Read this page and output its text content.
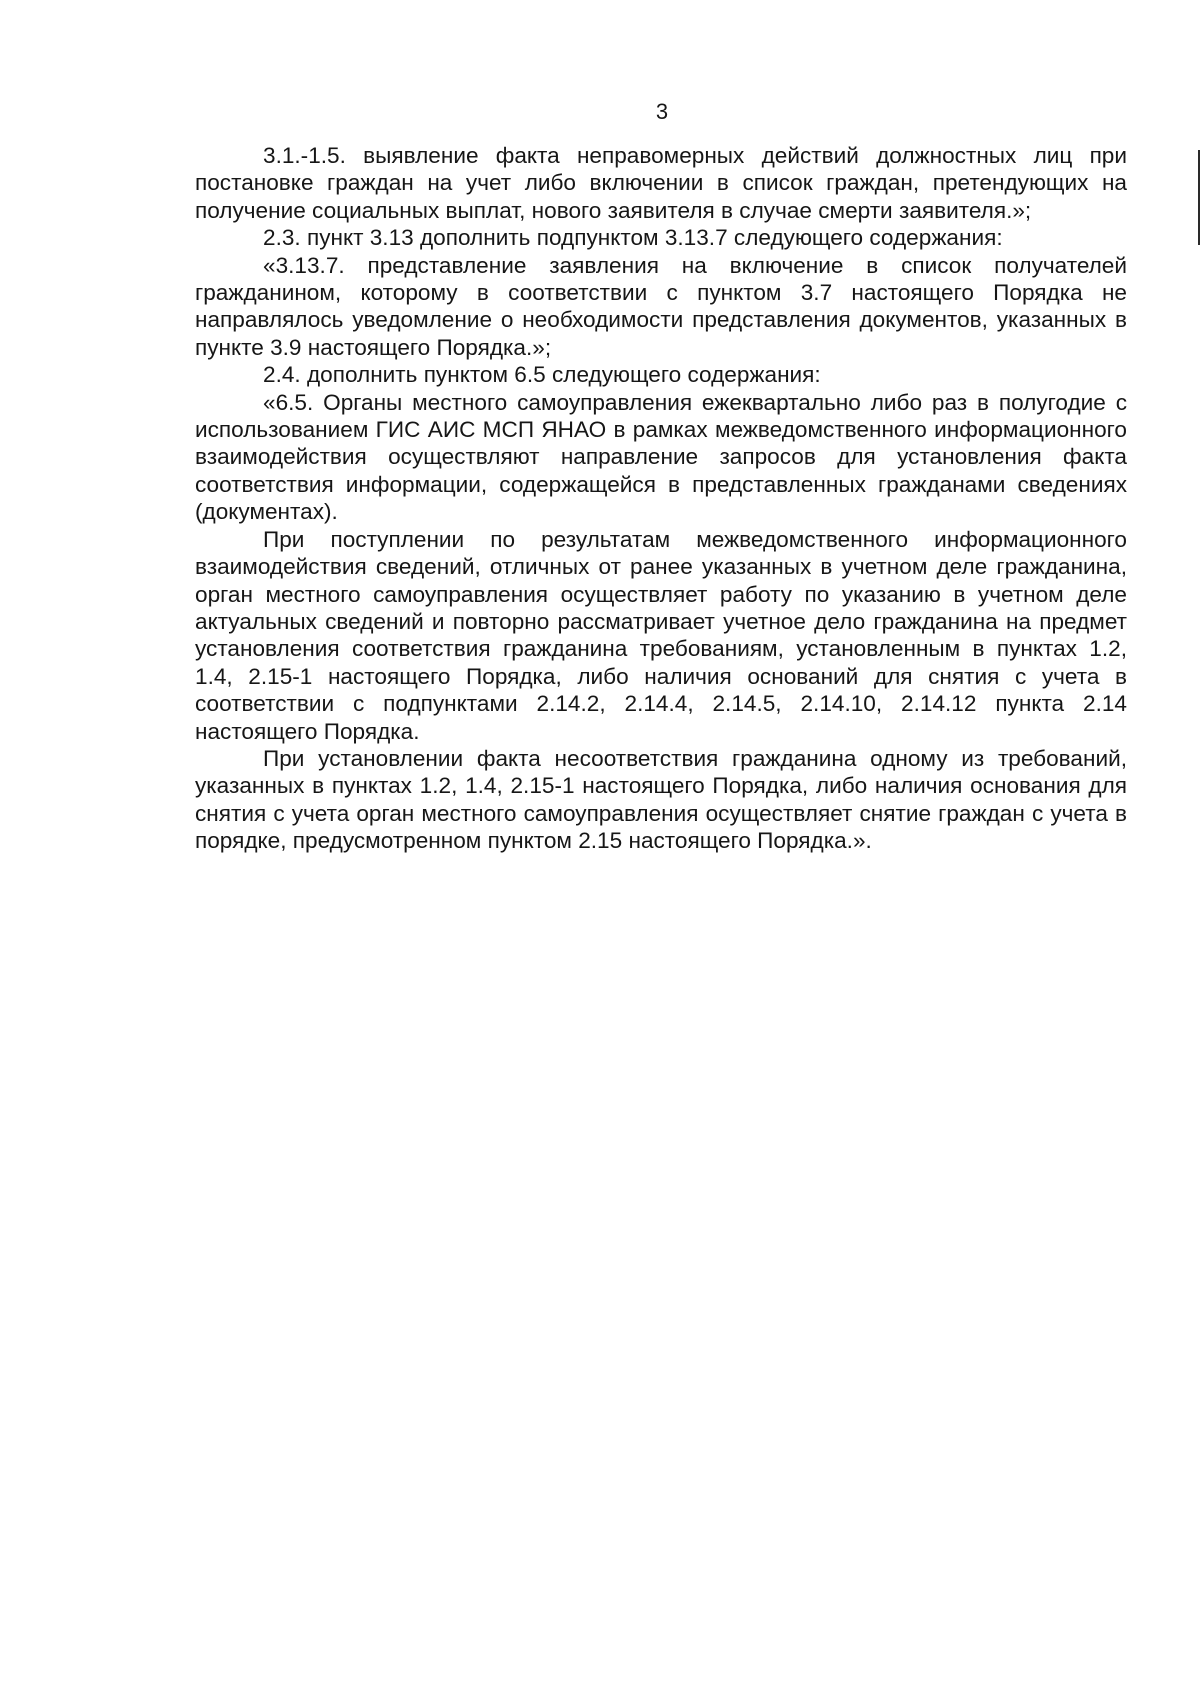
3

3.1.-1.5. выявление факта неправомерных действий должностных лиц при постановке граждан на учет либо включении в список граждан, претендующих на получение социальных выплат, нового заявителя в случае смерти заявителя.»;

2.3. пункт 3.13 дополнить подпунктом 3.13.7 следующего содержания:

«3.13.7. представление заявления на включение в список получателей гражданином, которому в соответствии с пунктом 3.7 настоящего Порядка не направлялось уведомление о необходимости представления документов, указанных в пункте 3.9 настоящего Порядка.»;

2.4. дополнить пунктом 6.5 следующего содержания:

«6.5. Органы местного самоуправления ежеквартально либо раз в полугодие с использованием ГИС АИС МСП ЯНАО в рамках межведомственного информационного взаимодействия осуществляют направление запросов для установления факта соответствия информации, содержащейся в представленных гражданами сведениях (документах).

При поступлении по результатам межведомственного информационного взаимодействия сведений, отличных от ранее указанных в учетном деле гражданина, орган местного самоуправления осуществляет работу по указанию в учетном деле актуальных сведений и повторно рассматривает учетное дело гражданина на предмет установления соответствия гражданина требованиям, установленным в пунктах 1.2, 1.4, 2.15-1 настоящего Порядка, либо наличия оснований для снятия с учета в соответствии с подпунктами 2.14.2, 2.14.4, 2.14.5, 2.14.10, 2.14.12 пункта 2.14 настоящего Порядка.

При установлении факта несоответствия гражданина одному из требований, указанных в пунктах 1.2, 1.4, 2.15-1 настоящего Порядка, либо наличия основания для снятия с учета орган местного самоуправления осуществляет снятие граждан с учета в порядке, предусмотренном пунктом 2.15 настоящего Порядка.».
